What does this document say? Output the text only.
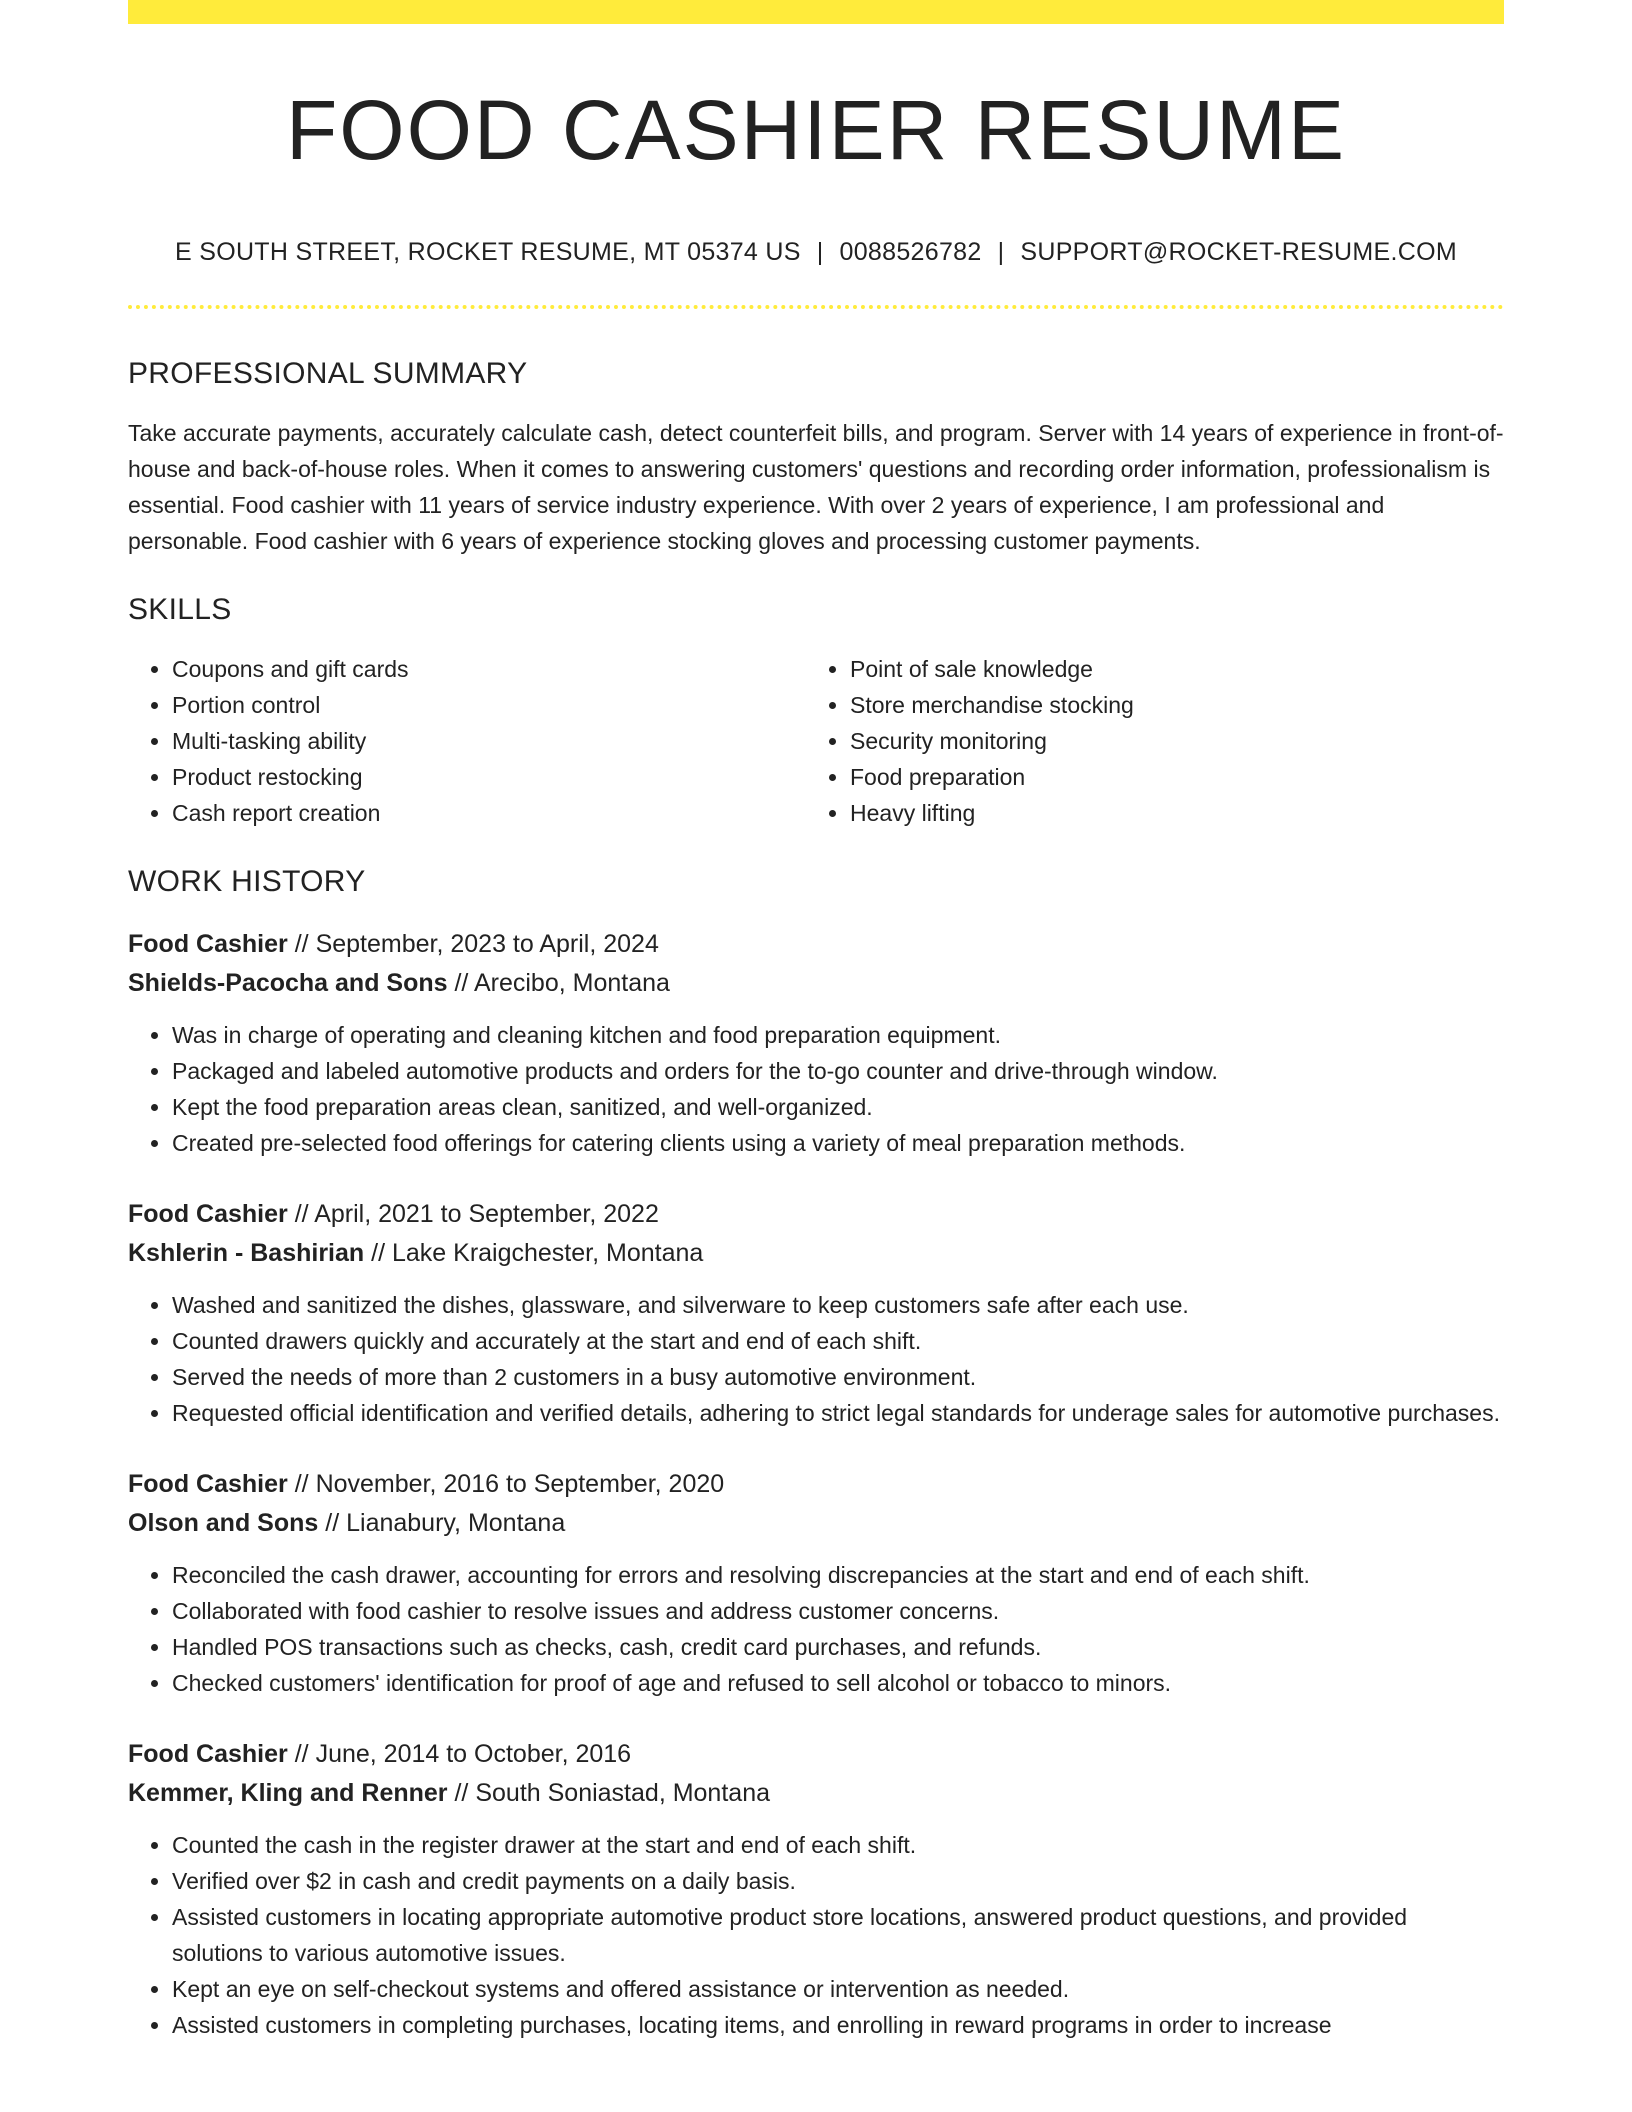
FOOD CASHIER RESUME
E SOUTH STREET, ROCKET RESUME, MT 05374 US | 0088526782 | SUPPORT@ROCKET-RESUME.COM
PROFESSIONAL SUMMARY

Take accurate payments, accurately calculate cash, detect counterfeit bills, and program. Server with 14 years of experience in front-of-house and back-of-house roles. When it comes to answering customers' questions and recording order information, professionalism is essential. Food cashier with 11 years of service industry experience. With over 2 years of experience, I am professional and personable. Food cashier with 6 years of experience stocking gloves and processing customer payments.

SKILLS
• Coupons and gift cards
• Portion control
• Multi-tasking ability
• Product restocking
• Cash report creation
• Point of sale knowledge
• Store merchandise stocking
• Security monitoring
• Food preparation
• Heavy lifting
WORK HISTORY
Food Cashier // September, 2023 to April, 2024
Shields-Pacocha and Sons // Arecibo, Montana
• Was in charge of operating and cleaning kitchen and food preparation equipment.
• Packaged and labeled automotive products and orders for the to-go counter and drive-through window.
• Kept the food preparation areas clean, sanitized, and well-organized.
• Created pre-selected food offerings for catering clients using a variety of meal preparation methods.
Food Cashier // April, 2021 to September, 2022
Kshlerin - Bashirian // Lake Kraigchester, Montana
• Washed and sanitized the dishes, glassware, and silverware to keep customers safe after each use.
• Counted drawers quickly and accurately at the start and end of each shift.
• Served the needs of more than 2 customers in a busy automotive environment.
• Requested official identification and verified details, adhering to strict legal standards for underage sales for automotive purchases.
Food Cashier // November, 2016 to September, 2020
Olson and Sons // Lianabury, Montana
• Reconciled the cash drawer, accounting for errors and resolving discrepancies at the start and end of each shift.
• Collaborated with food cashier to resolve issues and address customer concerns.
• Handled POS transactions such as checks, cash, credit card purchases, and refunds.
• Checked customers' identification for proof of age and refused to sell alcohol or tobacco to minors.
Food Cashier // June, 2014 to October, 2016
Kemmer, Kling and Renner // South Soniastad, Montana
• Counted the cash in the register drawer at the start and end of each shift.
• Verified over $2 in cash and credit payments on a daily basis.
• Assisted customers in locating appropriate automotive product store locations, answered product questions, and provided solutions to various automotive issues.
• Kept an eye on self-checkout systems and offered assistance or intervention as needed.
• Assisted customers in completing purchases, locating items, and enrolling in reward programs in order to increase
